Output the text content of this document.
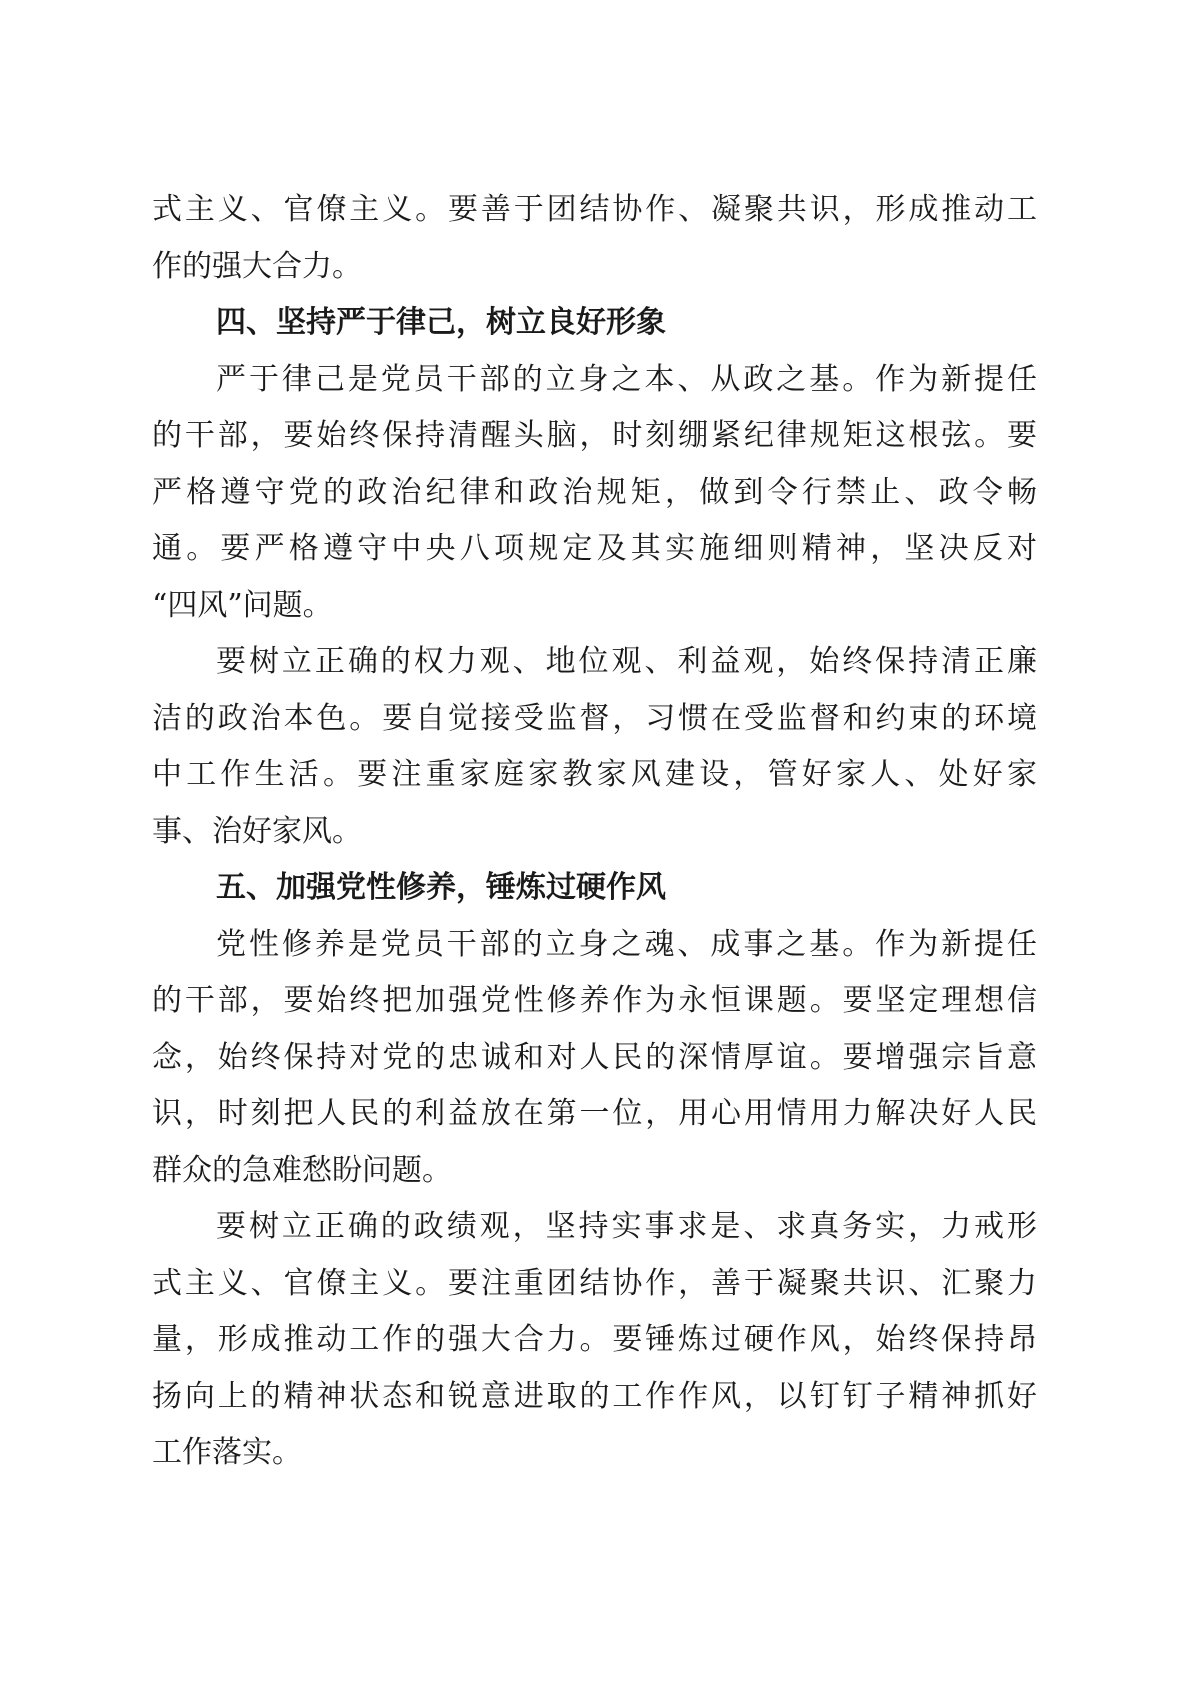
式主义、官僚主义。要善于团结协作、凝聚共识，形成推动工
作的强大合力。
四、坚持严于律己，树立良好形象
严于律己是党员干部的立身之本、从政之基。作为新提任
的干部，要始终保持清醒头脑，时刻绷紧纪律规矩这根弦。要
严格遵守党的政治纪律和政治规矩，做到令行禁止、政令畅
通。要严格遵守中央八项规定及其实施细则精神，坚决反对
“四风”问题。
要树立正确的权力观、地位观、利益观，始终保持清正廉
洁的政治本色。要自觉接受监督，习惯在受监督和约束的环境
中工作生活。要注重家庭家教家风建设，管好家人、处好家
事、治好家风。
五、加强党性修养，锤炼过硬作风
党性修养是党员干部的立身之魂、成事之基。作为新提任
的干部，要始终把加强党性修养作为永恒课题。要坚定理想信
念，始终保持对党的忠诚和对人民的深情厚谊。要增强宗旨意
识，时刻把人民的利益放在第一位，用心用情用力解决好人民
群众的急难愁盼问题。
要树立正确的政绩观，坚持实事求是、求真务实，力戒形
式主义、官僚主义。要注重团结协作，善于凝聚共识、汇聚力
量，形成推动工作的强大合力。要锤炼过硬作风，始终保持昂
扬向上的精神状态和锐意进取的工作作风，以钉钉子精神抓好
工作落实。
